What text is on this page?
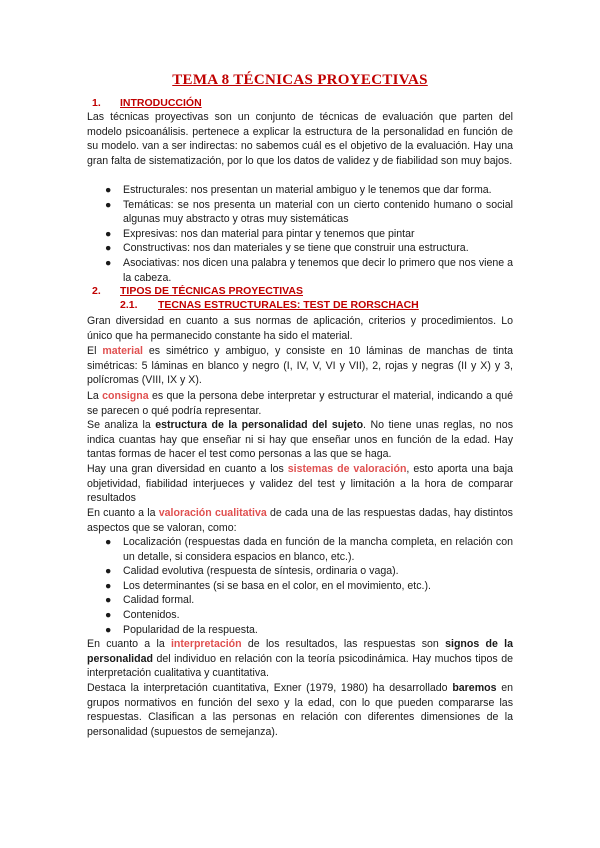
TEMA 8 TÉCNICAS PROYECTIVAS
1. INTRODUCCIÓN

Las técnicas proyectivas son un conjunto de técnicas de evaluación que parten del modelo psicoanálisis. pertenece a explicar la estructura de la personalidad en función de su modelo. van a ser indirectas: no sabemos cuál es el objetivo de la evaluación. Hay una gran falta de sistematización, por lo que los datos de validez y de fiabilidad son muy bajos.

● Estructurales: nos presentan un material ambiguo y le tenemos que dar forma.
● Temáticas: se nos presenta un material con un cierto contenido humano o social algunas muy abstracto y otras muy sistemáticas
● Expresivas: nos dan material para pintar y tenemos que pintar
● Constructivas: nos dan materiales y se tiene que construir una estructura.
● Asociativas: nos dicen una palabra y tenemos que decir lo primero que nos viene a la cabeza.
2. TIPOS DE TÉCNICAS PROYECTIVAS
2.1. TECNAS ESTRUCTURALES: TEST DE RORSCHACH

Gran diversidad en cuanto a sus normas de aplicación, criterios y procedimientos. Lo único que ha permanecido constante ha sido el material.

El material es simétrico y ambiguo, y consiste en 10 láminas de manchas de tinta simétricas: 5 láminas en blanco y negro (I, IV, V, VI y VII), 2, rojas y negras (II y X) y 3, polícromas (VIII, IX y X).

La consigna es que la persona debe interpretar y estructurar el material, indicando a qué se parecen o qué podría representar.

Se analiza la estructura de la personalidad del sujeto. No tiene unas reglas, no nos indica cuantas hay que enseñar ni si hay que enseñar unos en función de la edad. Hay tantas formas de hacer el test como personas a las que se haga.

Hay una gran diversidad en cuanto a los sistemas de valoración, esto aporta una baja objetividad, fiabilidad interjueces y validez del test y limitación a la hora de comparar resultados

En cuanto a la valoración cualitativa de cada una de las respuestas dadas, hay distintos aspectos que se valoran, como:

● Localización (respuestas dada en función de la mancha completa, en relación con un detalle, si considera espacios en blanco, etc.).
● Calidad evolutiva (respuesta de síntesis, ordinaria o vaga).
● Los determinantes (si se basa en el color, en el movimiento, etc.).
● Calidad formal.
● Contenidos.
● Popularidad de la respuesta.

En cuanto a la interpretación de los resultados, las respuestas son signos de la personalidad del individuo en relación con la teoría psicodinámica. Hay muchos tipos de interpretación cualitativa y cuantitativa.

Destaca la interpretación cuantitativa, Exner (1979, 1980) ha desarrollado baremos en grupos normativos en función del sexo y la edad, con lo que pueden compararse las respuestas. Clasifican a las personas en relación con diferentes dimensiones de la personalidad (supuestos de semejanza).
